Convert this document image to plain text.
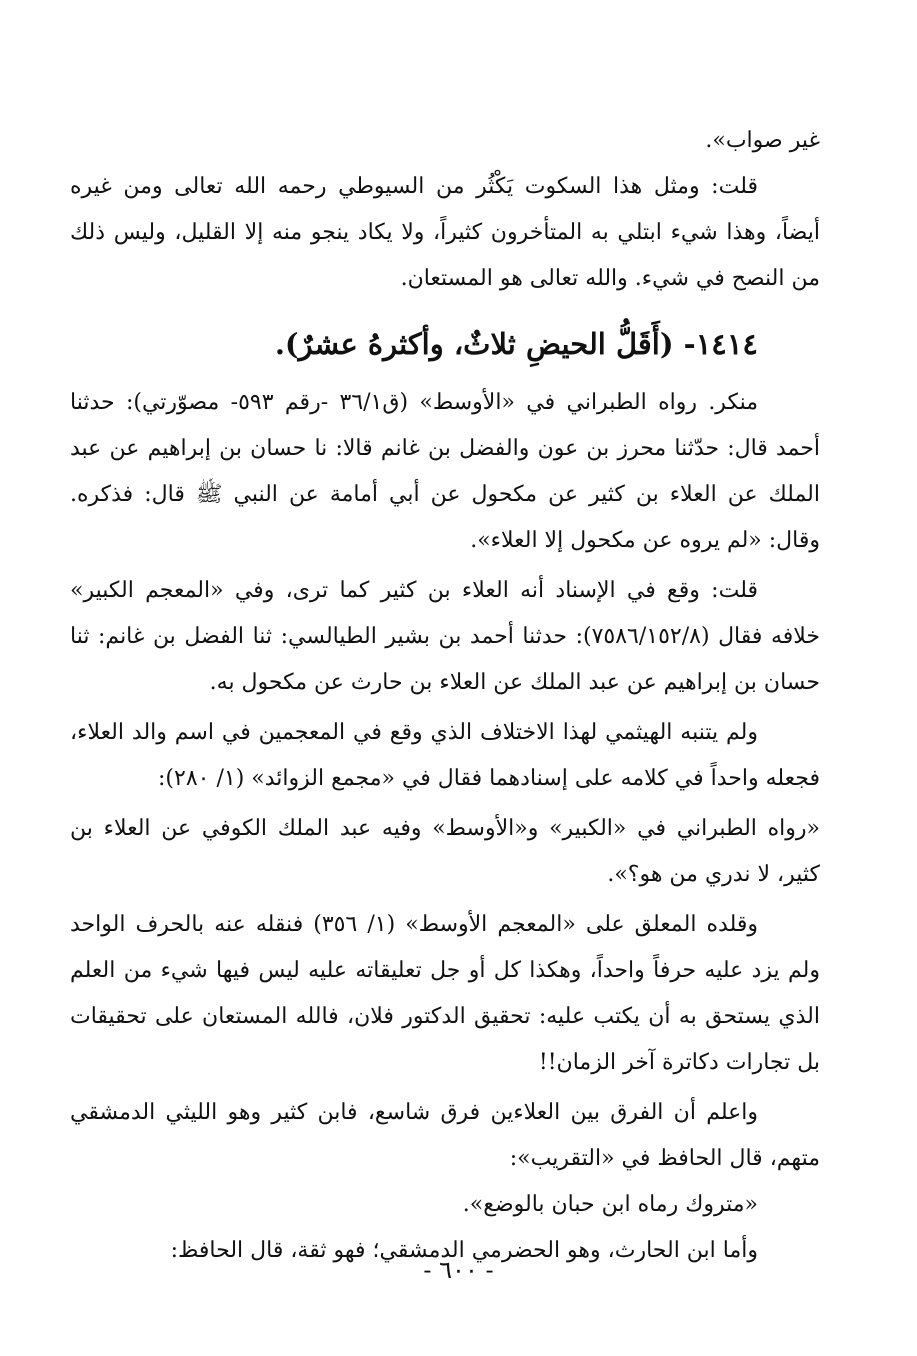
غير صواب».

قلت: ومثل هذا السكوت يَكْثُر من السيوطي رحمه الله تعالى ومن غيره أيضاً، وهذا شيء ابتلي به المتأخرون كثيراً، ولا يكاد ينجو منه إلا القليل، وليس ذلك من النصح في شيء. والله تعالى هو المستعان.

١٤١٤- (أَقَلُّ الحيضِ ثلاثٌ، وأكثرهُ عشرٌ).

منكر. رواه الطبراني في «الأوسط» (ق٣٦/١ -رقم ٥٩٣- مصوّرتي): حدثنا أحمد قال: حدّثنا محرز بن عون والفضل بن غانم قالا: نا حسان بن إبراهيم عن عبد الملك عن العلاء بن كثير عن مكحول عن أبي أمامة عن النبي ﷺ قال: فذكره. وقال: «لم يروه عن مكحول إلا العلاء».

قلت: وقع في الإسناد أنه العلاء بن كثير كما ترى، وفي «المعجم الكبير» خلافه فقال (٧٥٨٦/١٥٢/٨): حدثنا أحمد بن بشير الطيالسي: ثنا الفضل بن غانم: ثنا حسان بن إبراهيم عن عبد الملك عن العلاء بن حارث عن مكحول به.

ولم يتنبه الهيثمي لهذا الاختلاف الذي وقع في المعجمين في اسم والد العلاء، فجعله واحداً في كلامه على إسنادهما فقال في «مجمع الزوائد» (١/ ٢٨٠):

«رواه الطبراني في «الكبير» و«الأوسط» وفيه عبد الملك الكوفي عن العلاء بن كثير، لا ندري من هو؟».

وقلده المعلق على «المعجم الأوسط» (١/ ٣٥٦) فنقله عنه بالحرف الواحد ولم يزد عليه حرفاً واحداً، وهكذا كل أو جل تعليقاته عليه ليس فيها شيء من العلم الذي يستحق به أن يكتب عليه: تحقيق الدكتور فلان، فالله المستعان على تحقيقات بل تجارات دكاترة آخر الزمان!!

واعلم أن الفرق بين العلاءين فرق شاسع، فابن كثير وهو الليثي الدمشقي متهم، قال الحافظ في «التقريب»:

«متروك رماه ابن حبان بالوضع».

وأما ابن الحارث، وهو الحضرمي الدمشقي؛ فهو ثقة، قال الحافظ:

- ٦٠٠ -
